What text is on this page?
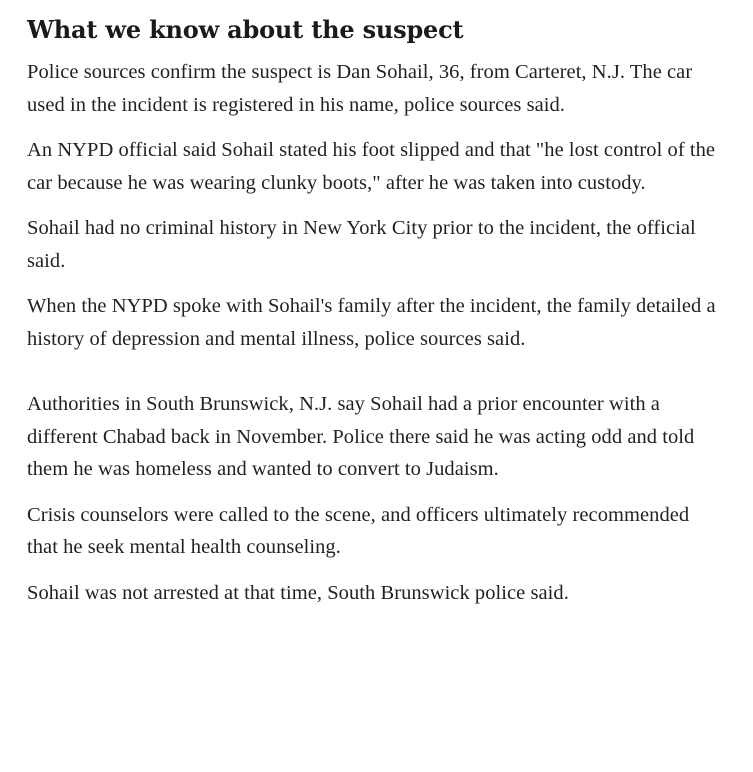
What we know about the suspect

Police sources confirm the suspect is Dan Sohail, 36, from Carteret, N.J. The car used in the incident is registered in his name, police sources said.

An NYPD official said Sohail stated his foot slipped and that "he lost control of the car because he was wearing clunky boots," after he was taken into custody.

Sohail had no criminal history in New York City prior to the incident, the official said.

When the NYPD spoke with Sohail's family after the incident, the family detailed a history of depression and mental illness, police sources said.

Authorities in South Brunswick, N.J. say Sohail had a prior encounter with a different Chabad back in November. Police there said he was acting odd and told them he was homeless and wanted to convert to Judaism.

Crisis counselors were called to the scene, and officers ultimately recommended that he seek mental health counseling.

Sohail was not arrested at that time, South Brunswick police said.
